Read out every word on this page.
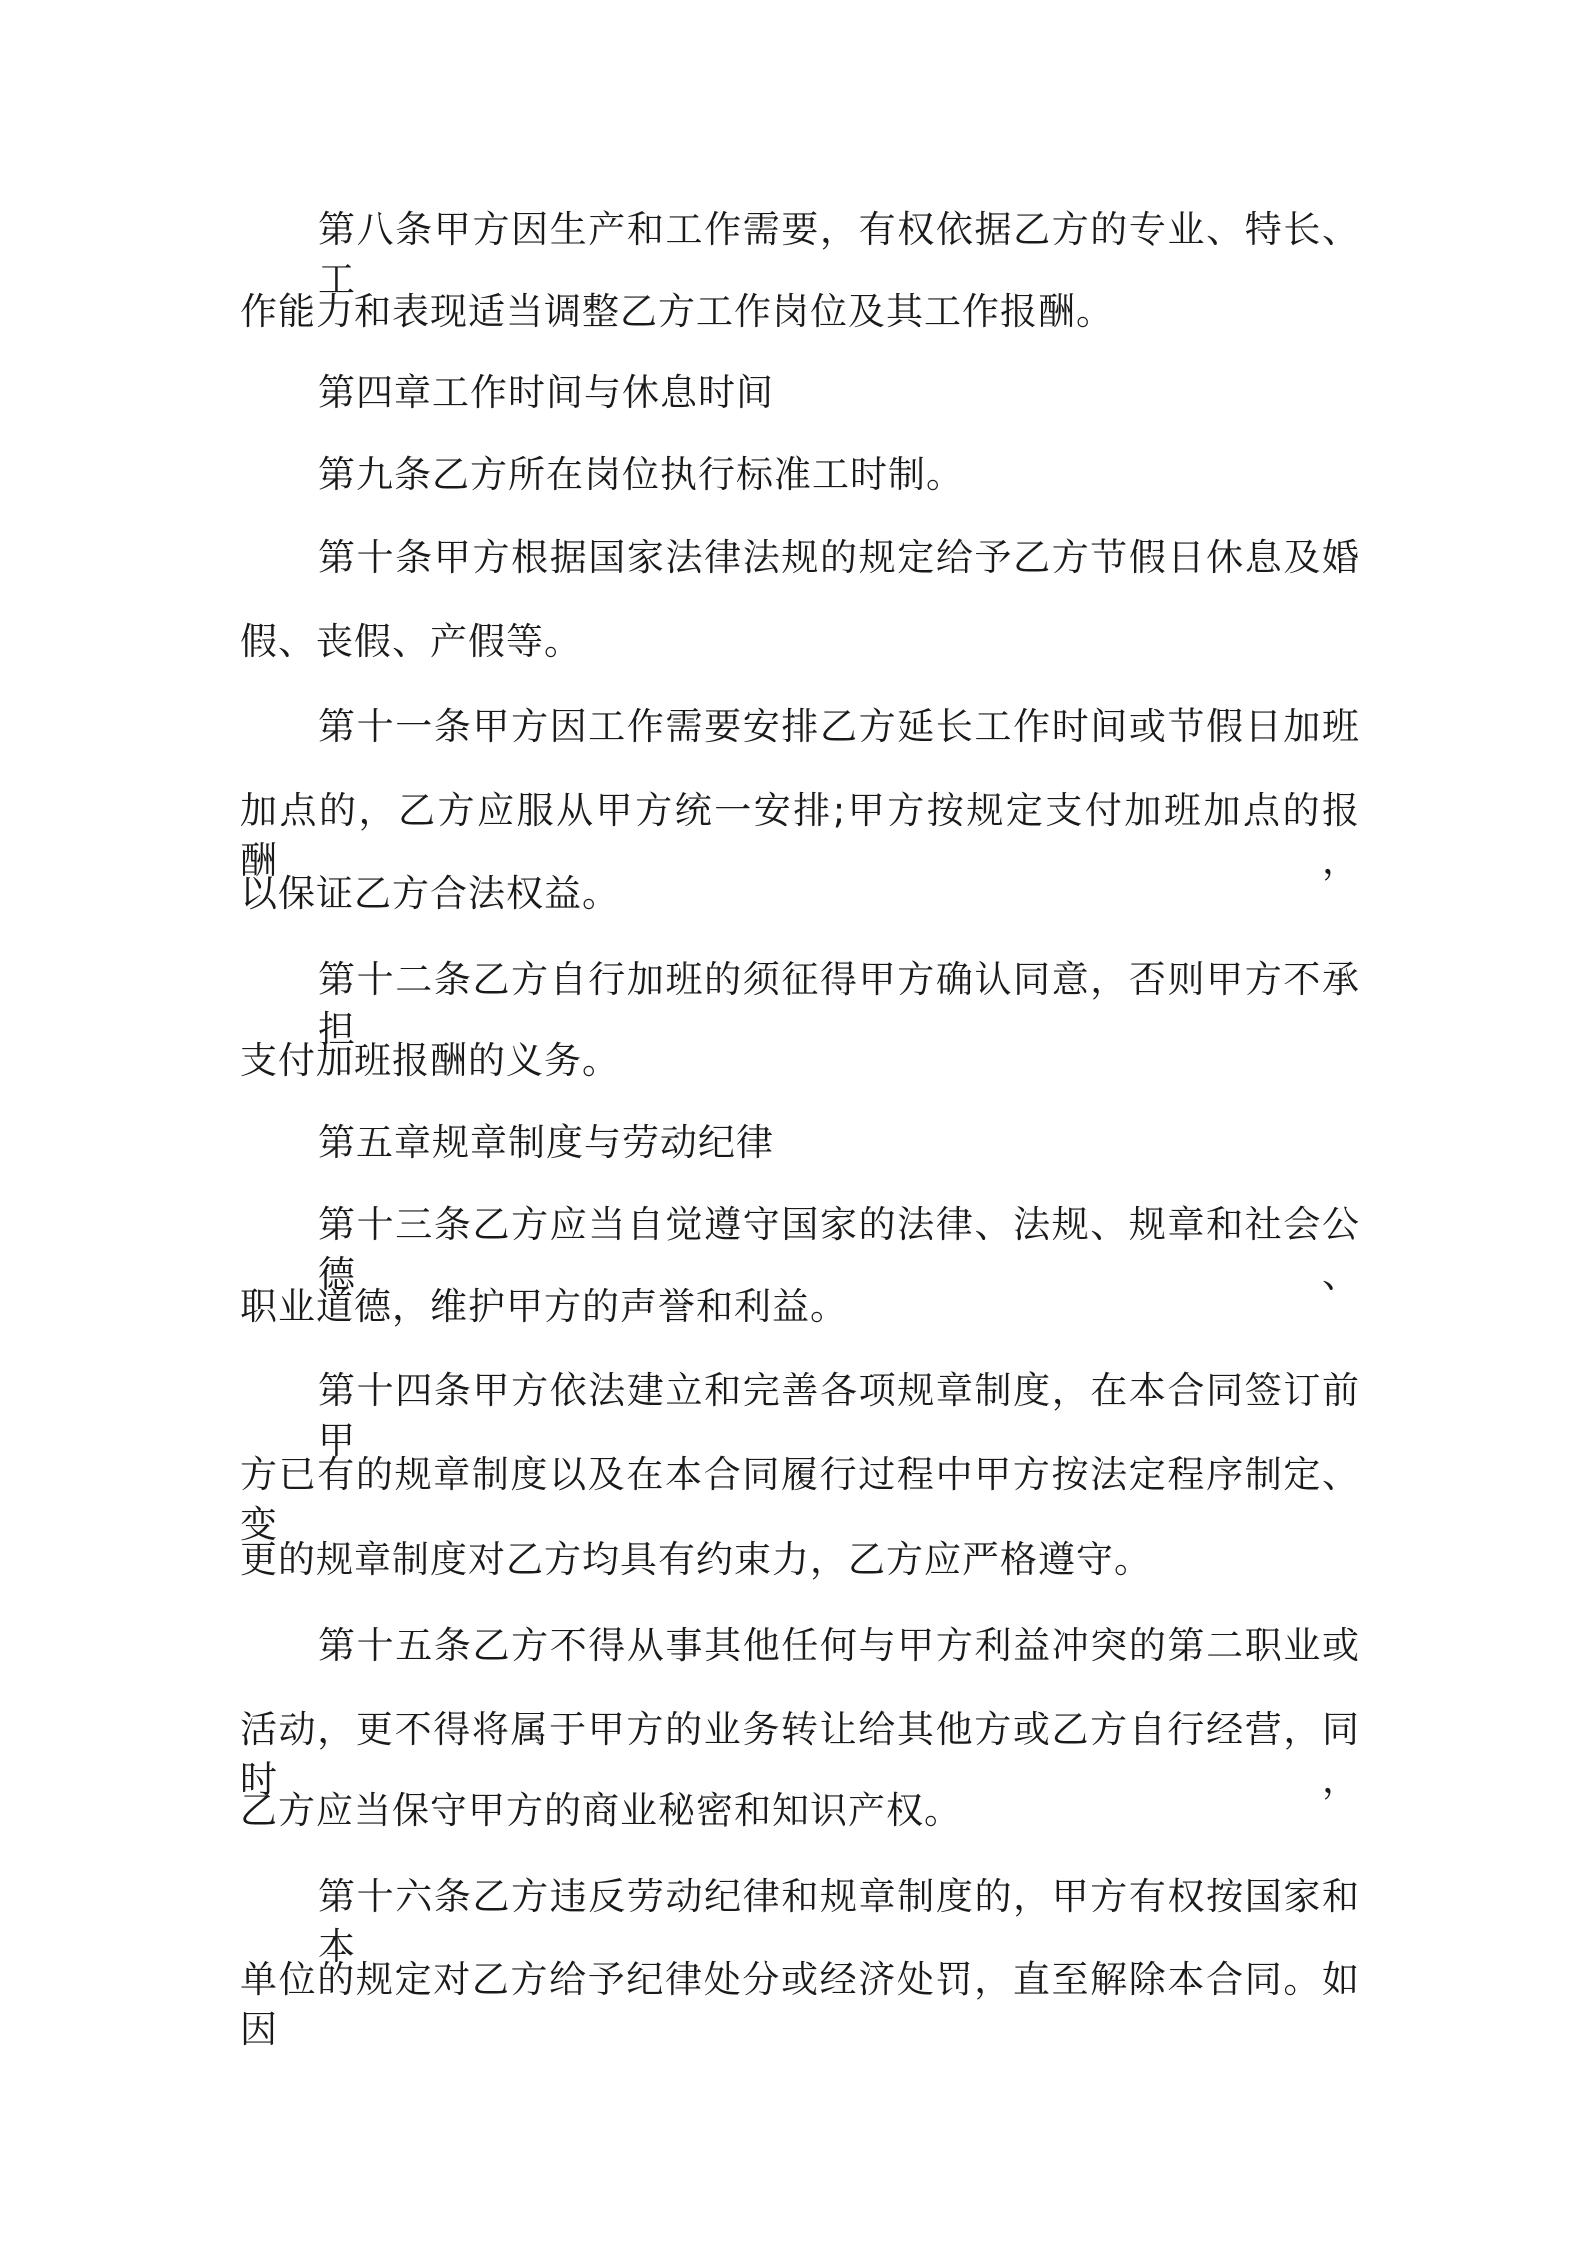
第八条甲方因生产和工作需要，有权依据乙方的专业、特长、工
作能力和表现适当调整乙方工作岗位及其工作报酬。
第四章工作时间与休息时间
第九条乙方所在岗位执行标准工时制。
第十条甲方根据国家法律法规的规定给予乙方节假日休息及婚
假、丧假、产假等。
第十一条甲方因工作需要安排乙方延长工作时间或节假日加班
加点的，乙方应服从甲方统一安排;甲方按规定支付加班加点的报酬，
以保证乙方合法权益。
第十二条乙方自行加班的须征得甲方确认同意，否则甲方不承担
支付加班报酬的义务。
第五章规章制度与劳动纪律
第十三条乙方应当自觉遵守国家的法律、法规、规章和社会公德、
职业道德，维护甲方的声誉和利益。
第十四条甲方依法建立和完善各项规章制度，在本合同签订前甲
方已有的规章制度以及在本合同履行过程中甲方按法定程序制定、变
更的规章制度对乙方均具有约束力，乙方应严格遵守。
第十五条乙方不得从事其他任何与甲方利益冲突的第二职业或
活动，更不得将属于甲方的业务转让给其他方或乙方自行经营，同时，
乙方应当保守甲方的商业秘密和知识产权。
第十六条乙方违反劳动纪律和规章制度的，甲方有权按国家和本
单位的规定对乙方给予纪律处分或经济处罚，直至解除本合同。如因
